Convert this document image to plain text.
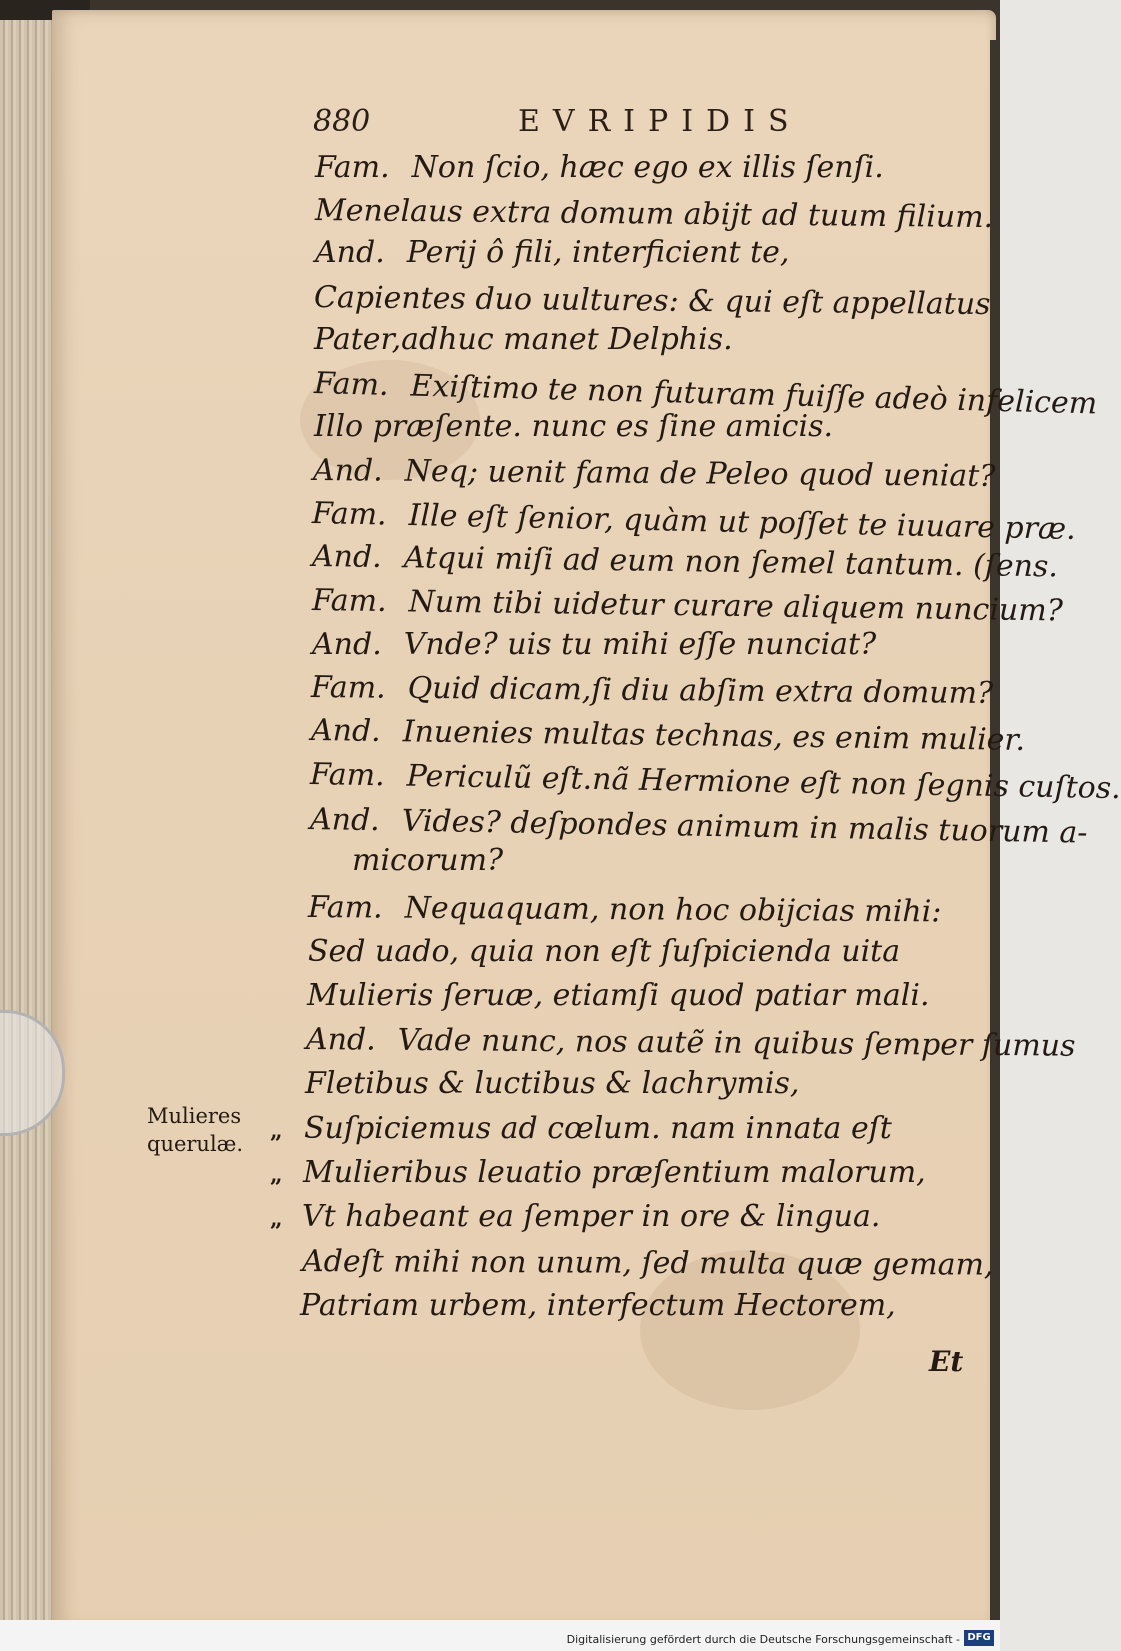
880	EVRIPIDIS
Fam. Non ſcio, hæc ego ex illis ſenſi.
Menelaus extra domum abijt ad tuum filium.
And. Perij ô fili, interficient te,
Capientes duo uultures: & qui eſt appellatus
Pater,adhuc manet Delphis.
Fam. Exiſtimo te non futuram fuiſſe adeò infelicem
Illo præſente. nunc es ſine amicis.
And. Neq; uenit fama de Peleo quod ueniat?
Fam. Ille eſt ſenior, quàm ut poſſet te iuuare præ.
And. Atqui miſi ad eum non ſemel tantum. (ſens.
Fam. Num tibi uidetur curare aliquem nuncium?
And. Vnde? uis tu mihi eſſe nunciat?
Fam. Quid dicam,ſi diu abſim extra domum?
And. Inuenies multas technas, es enim mulier.
Fam. Periculũ eſt.nã Hermione eſt non ſegnis cuſtos.
And. Vides? deſpondes animum in malis tuorum a-
micorum?
Fam. Nequaquam, non hoc obijcias mihi:
Sed uado, quia non eſt ſuſpicienda uita
Mulieris ſeruæ, etiamſi quod patiar mali.
And. Vade nunc, nos autẽ in quibus ſemper ſumus
Fletibus & luctibus & lachrymis,
Suſpiciemus ad cœlum. nam innata eſt
Mulieribus leuatio præſentium malorum,
Vt habeant ea ſemper in ore & lingua.
Adeſt mihi non unum, ſed multa quæ gemam,
Patriam urbem, interfectum Hectorem,
„
„
„
Mulieres
querulæ.
Et
Digitalisierung gefördert durch die Deutsche Forschungsgemeinschaft - DFG
